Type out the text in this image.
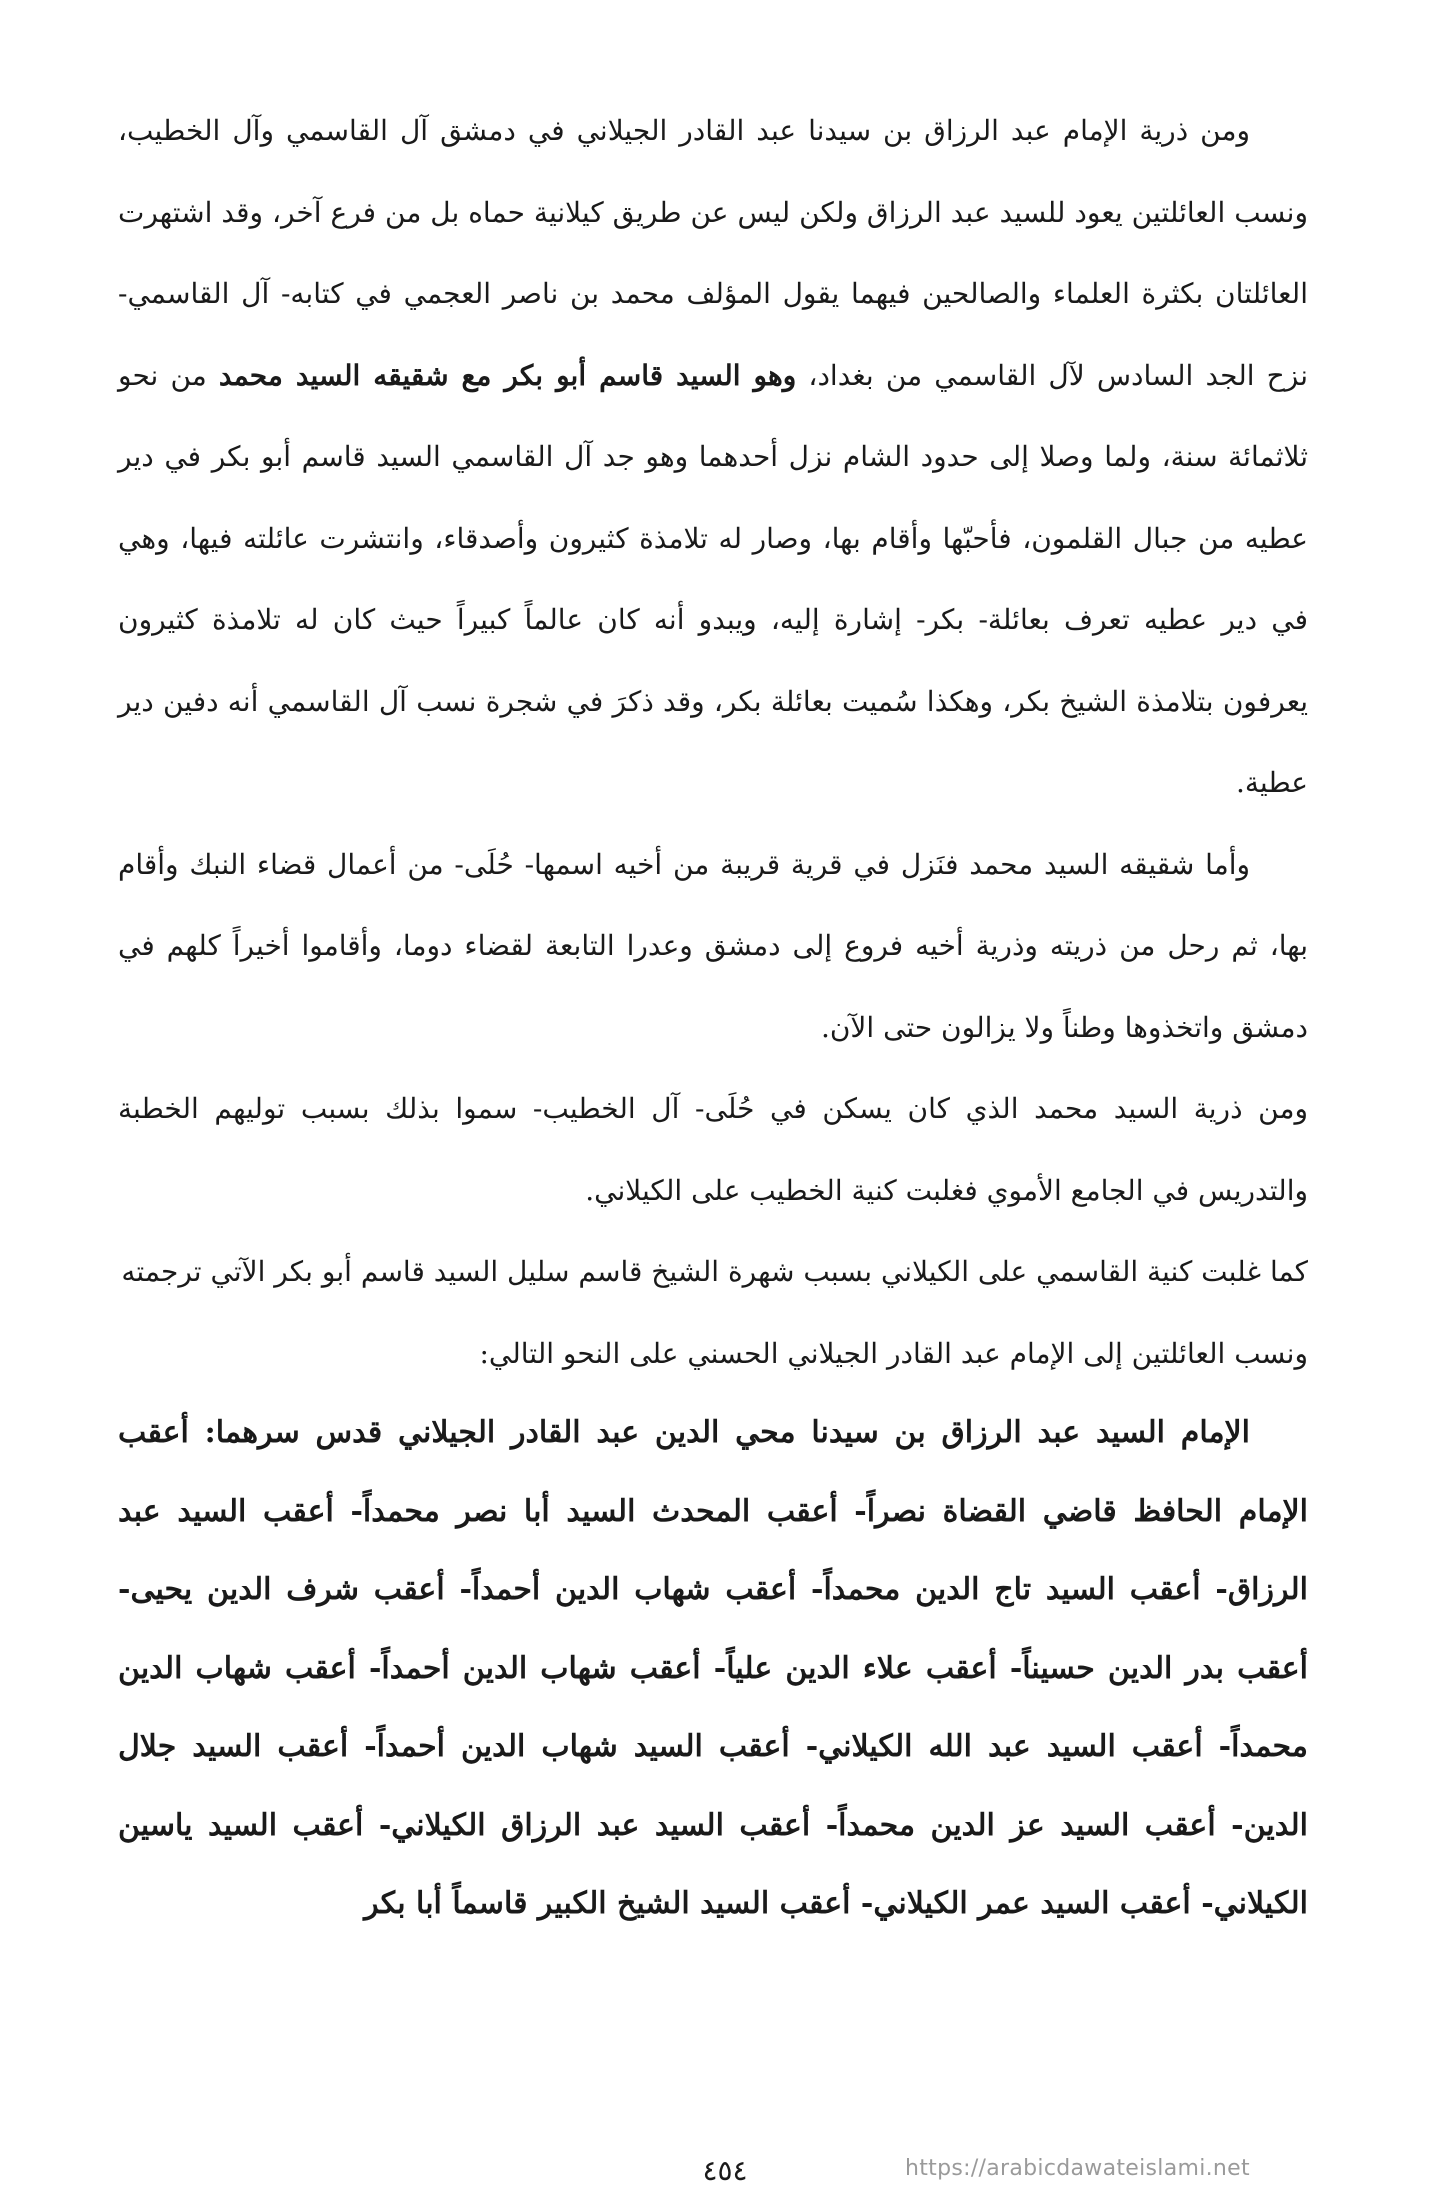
ومن ذرية الإمام عبد الرزاق بن سيدنا عبد القادر الجيلاني في دمشق آل القاسمي وآل الخطيب، ونسب العائلتين يعود للسيد عبد الرزاق ولكن ليس عن طريق كيلانية حماه بل من فرع آخر، وقد اشتهرت العائلتان بكثرة العلماء والصالحين فيهما يقول المؤلف محمد بن ناصر العجمي في كتابه- آل القاسمي- نزح الجد السادس لآل القاسمي من بغداد، وهو السيد قاسم أبو بكر مع شقيقه السيد محمد من نحو ثلاثمائة سنة، ولما وصلا إلى حدود الشام نزل أحدهما وهو جد آل القاسمي السيد قاسم أبو بكر في دير عطيه من جبال القلمون، فأحبّها وأقام بها، وصار له تلامذة كثيرون وأصدقاء، وانتشرت عائلته فيها، وهي في دير عطيه تعرف بعائلة- بكر- إشارة إليه، ويبدو أنه كان عالماً كبيراً حيث كان له تلامذة كثيرون يعرفون بتلامذة الشيخ بكر، وهكذا سُميت بعائلة بكر، وقد ذكرَ في شجرة نسب آل القاسمي أنه دفين دير عطية.

وأما شقيقه السيد محمد فنَزل في قرية قريبة من أخيه اسمها- حُلَى- من أعمال قضاء النبك وأقام بها، ثم رحل من ذريته وذرية أخيه فروع إلى دمشق وعدرا التابعة لقضاء دوما، وأقاموا أخيراً كلهم في دمشق واتخذوها وطناً ولا يزالون حتى الآن.

ومن ذرية السيد محمد الذي كان يسكن في حُلَى- آل الخطيب- سموا بذلك بسبب توليهم الخطبة والتدريس في الجامع الأموي فغلبت كنية الخطيب على الكيلاني.

كما غلبت كنية القاسمي على الكيلاني بسبب شهرة الشيخ قاسم سليل السيد قاسم أبو بكر الآتي ترجمته

ونسب العائلتين إلى الإمام عبد القادر الجيلاني الحسني على النحو التالي:

الإمام السيد عبد الرزاق بن سيدنا محي الدين عبد القادر الجيلاني قدس سرهما: أعقب الإمام الحافظ قاضي القضاة نصراً- أعقب المحدث السيد أبا نصر محمداً- أعقب السيد عبد الرزاق- أعقب السيد تاج الدين محمداً- أعقب شهاب الدين أحمداً- أعقب شرف الدين يحيى- أعقب بدر الدين حسيناً- أعقب علاء الدين علياً- أعقب شهاب الدين أحمداً- أعقب شهاب الدين محمداً- أعقب السيد عبد الله الكيلاني- أعقب السيد شهاب الدين أحمداً- أعقب السيد جلال الدين- أعقب السيد عز الدين محمداً- أعقب السيد عبد الرزاق الكيلاني- أعقب السيد ياسين الكيلاني- أعقب السيد عمر الكيلاني- أعقب السيد الشيخ الكبير قاسماً أبا بكر

٤٥٤	https://arabicdawateislami.net
